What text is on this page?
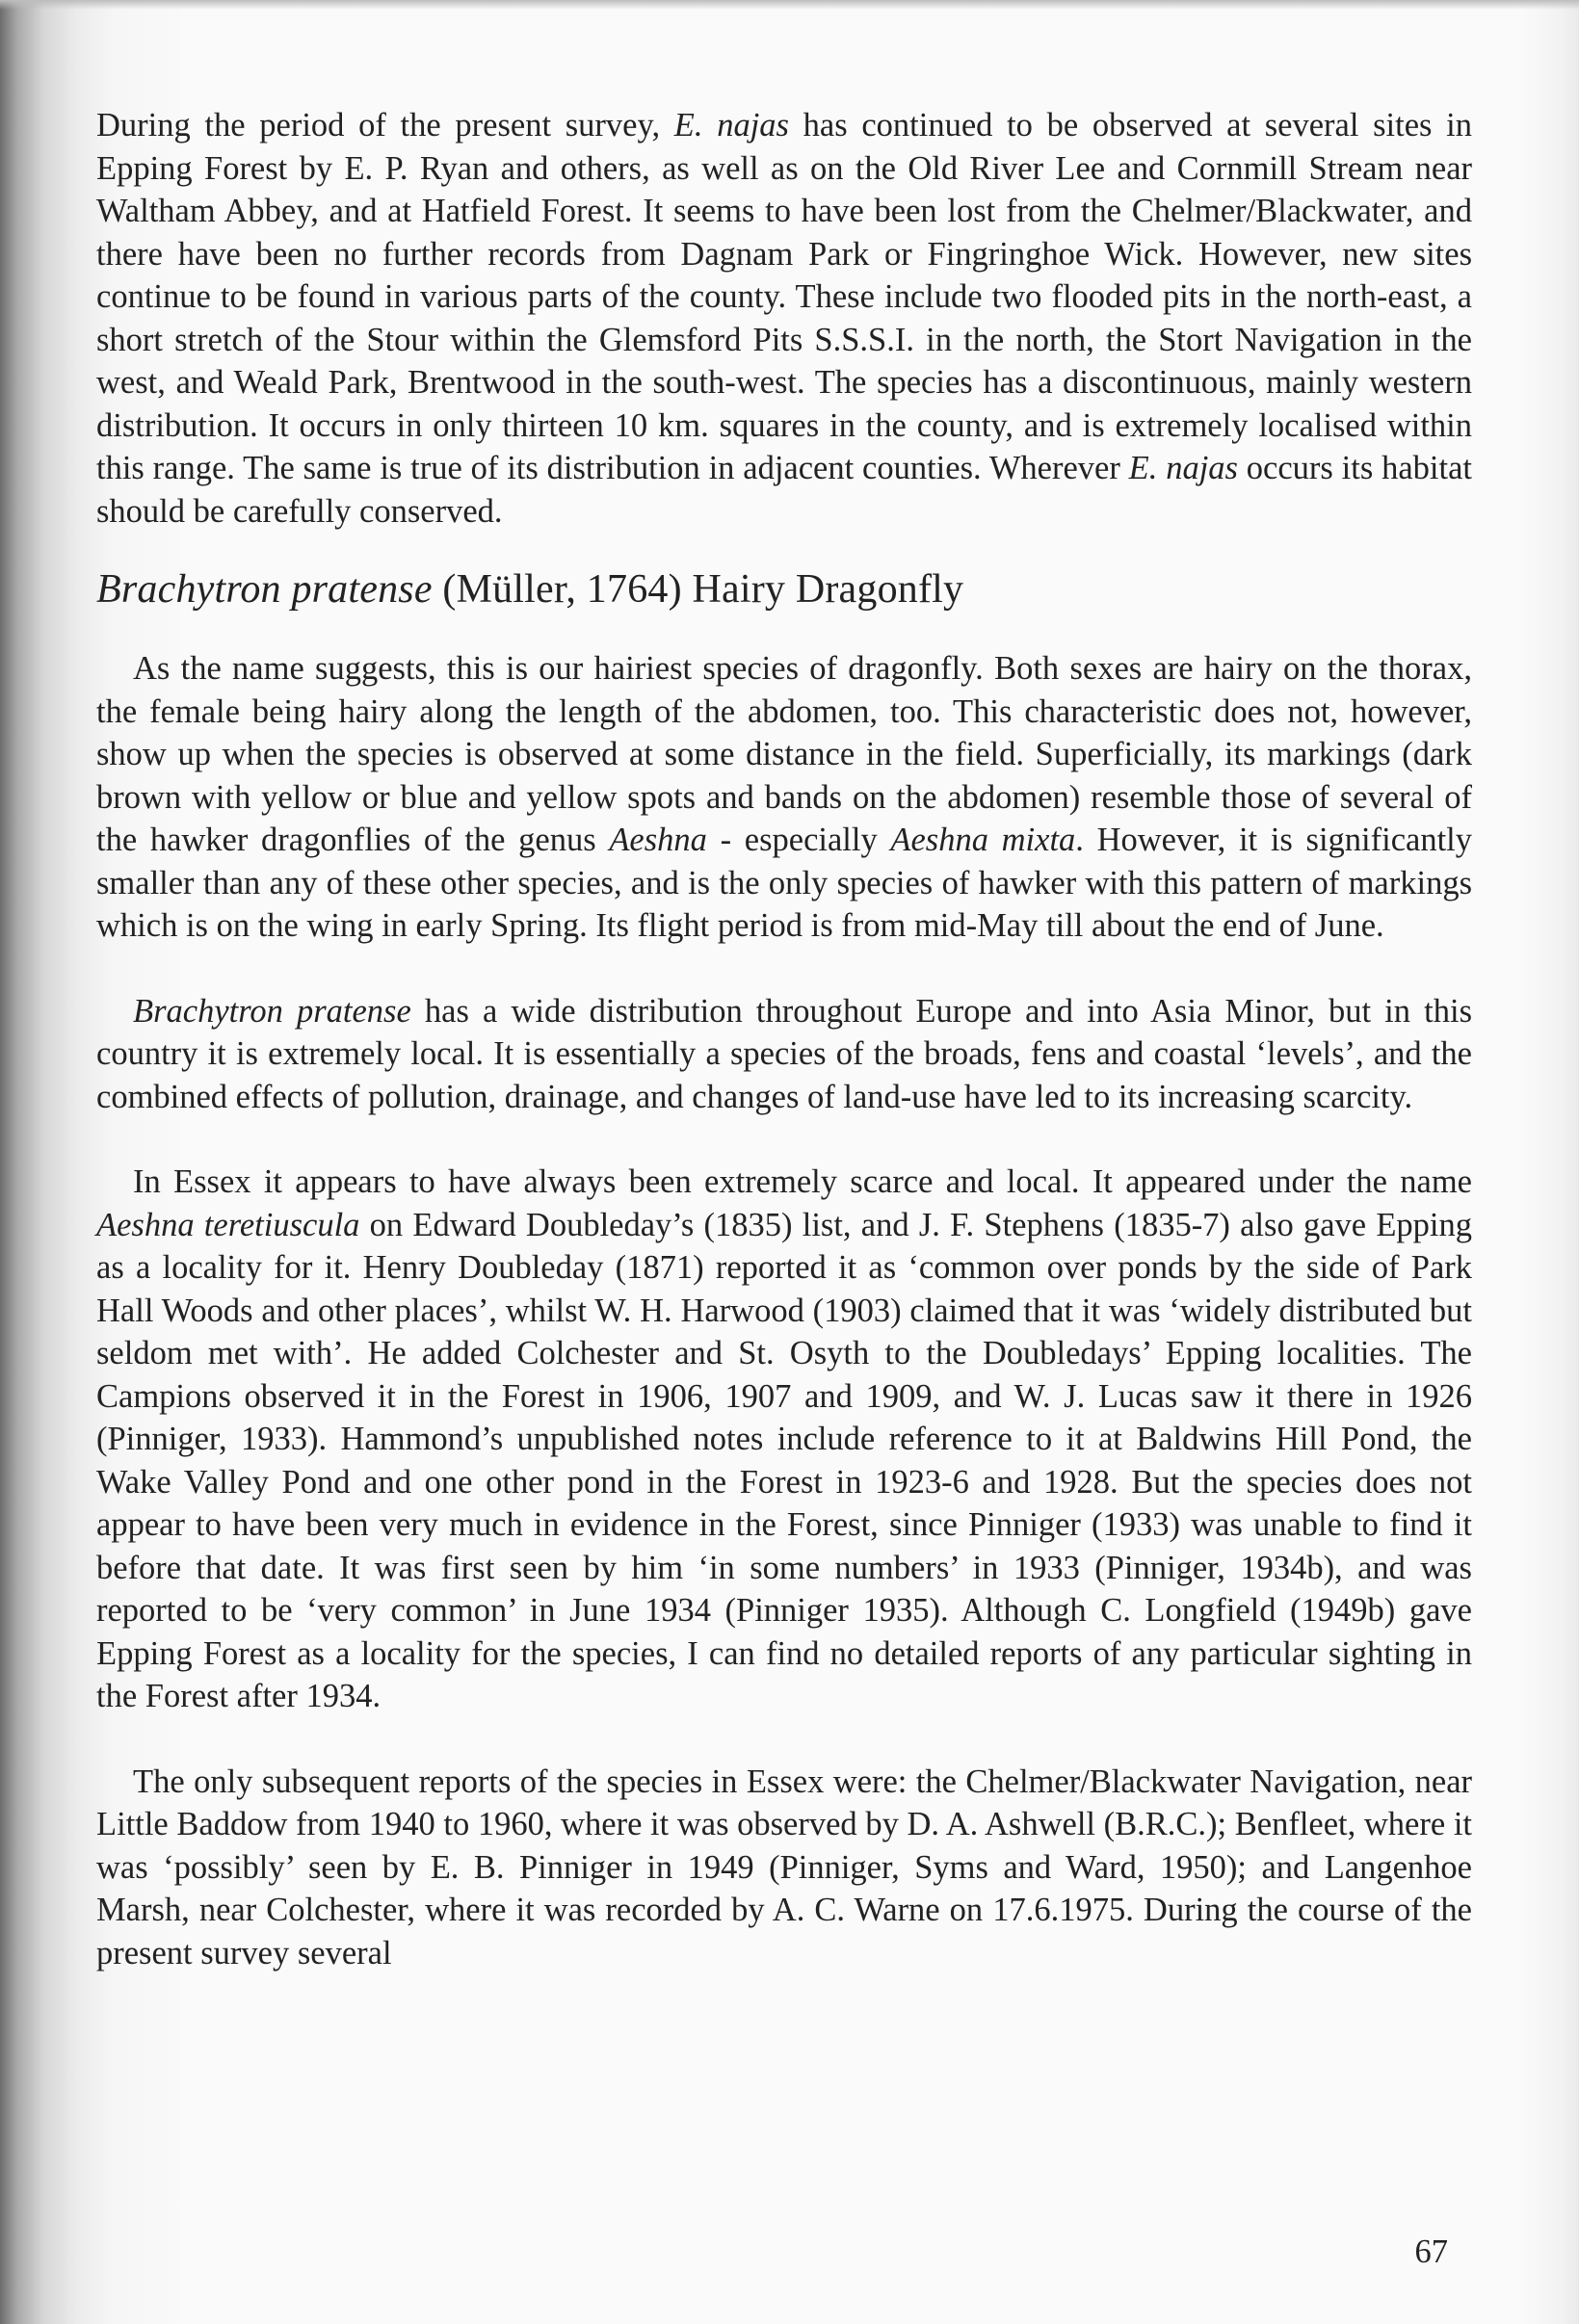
During the period of the present survey, E. najas has continued to be observed at several sites in Epping Forest by E. P. Ryan and others, as well as on the Old River Lee and Cornmill Stream near Waltham Abbey, and at Hatfield Forest. It seems to have been lost from the Chelmer/Blackwater, and there have been no further records from Dagnam Park or Fingringhoe Wick. However, new sites continue to be found in various parts of the county. These include two flooded pits in the north-east, a short stretch of the Stour within the Glemsford Pits S.S.S.I. in the north, the Stort Navigation in the west, and Weald Park, Brentwood in the south-west. The species has a discontinuous, mainly western distribution. It occurs in only thirteen 10 km. squares in the county, and is extremely localised within this range. The same is true of its distribution in adjacent counties. Wherever E. najas occurs its habitat should be carefully conserved.

Brachytron pratense (Müller, 1764) Hairy Dragonfly

As the name suggests, this is our hairiest species of dragonfly. Both sexes are hairy on the thorax, the female being hairy along the length of the abdomen, too. This characteristic does not, however, show up when the species is observed at some distance in the field. Superficially, its markings (dark brown with yellow or blue and yellow spots and bands on the abdomen) resemble those of several of the hawker dragonflies of the genus Aeshna - especially Aeshna mixta. However, it is significantly smaller than any of these other species, and is the only species of hawker with this pattern of markings which is on the wing in early Spring. Its flight period is from mid-May till about the end of June.

Brachytron pratense has a wide distribution throughout Europe and into Asia Minor, but in this country it is extremely local. It is essentially a species of the broads, fens and coastal ‘levels’, and the combined effects of pollution, drainage, and changes of land-use have led to its increasing scarcity.

In Essex it appears to have always been extremely scarce and local. It appeared under the name Aeshna teretiuscula on Edward Doubleday’s (1835) list, and J. F. Stephens (1835-7) also gave Epping as a locality for it. Henry Doubleday (1871) reported it as ‘common over ponds by the side of Park Hall Woods and other places’, whilst W. H. Harwood (1903) claimed that it was ‘widely distributed but seldom met with’. He added Colchester and St. Osyth to the Doubledays’ Epping localities. The Campions observed it in the Forest in 1906, 1907 and 1909, and W. J. Lucas saw it there in 1926 (Pinniger, 1933). Hammond’s unpublished notes include reference to it at Baldwins Hill Pond, the Wake Valley Pond and one other pond in the Forest in 1923-6 and 1928. But the species does not appear to have been very much in evidence in the Forest, since Pinniger (1933) was unable to find it before that date. It was first seen by him ‘in some numbers’ in 1933 (Pinniger, 1934b), and was reported to be ‘very common’ in June 1934 (Pinniger 1935). Although C. Longfield (1949b) gave Epping Forest as a locality for the species, I can find no detailed reports of any particular sighting in the Forest after 1934.

The only subsequent reports of the species in Essex were: the Chelmer/Blackwater Navigation, near Little Baddow from 1940 to 1960, where it was observed by D. A. Ashwell (B.R.C.); Benfleet, where it was ‘possibly’ seen by E. B. Pinniger in 1949 (Pinniger, Syms and Ward, 1950); and Langenhoe Marsh, near Colchester, where it was recorded by A. C. Warne on 17.6.1975. During the course of the present survey several

67
